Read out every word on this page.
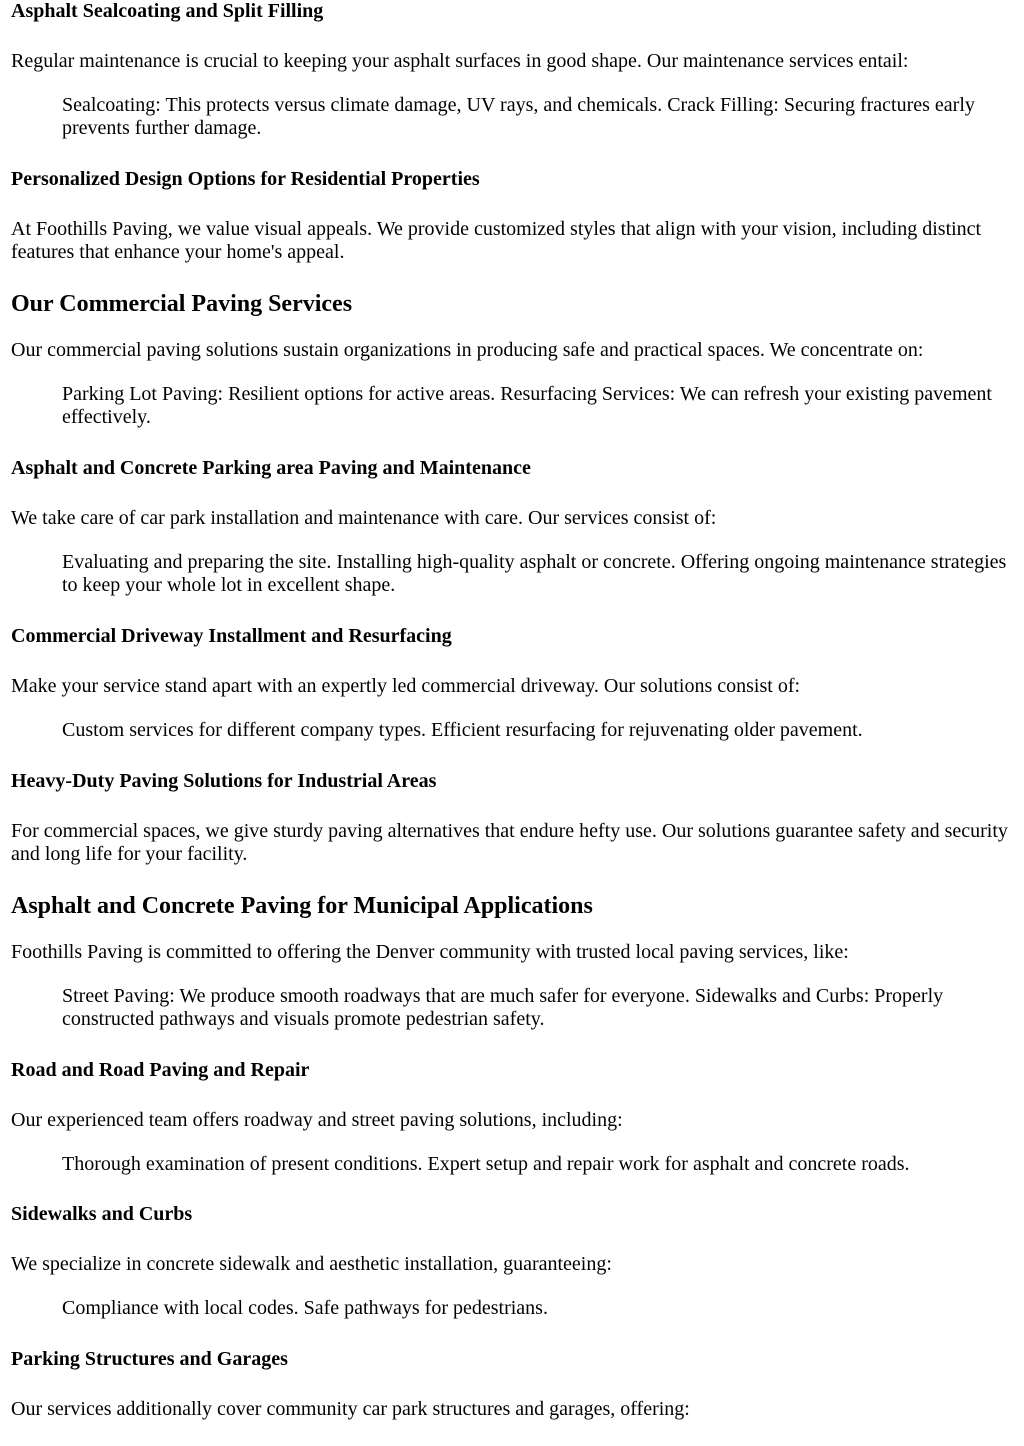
Asphalt Sealcoating and Split Filling

Regular maintenance is crucial to keeping your asphalt surfaces in good shape. Our maintenance services entail:

Sealcoating: This protects versus climate damage, UV rays, and chemicals. Crack Filling: Securing fractures early prevents further damage.
Personalized Design Options for Residential Properties

At Foothills Paving, we value visual appeals. We provide customized styles that align with your vision, including distinct features that enhance your home's appeal.

Our Commercial Paving Services

Our commercial paving solutions sustain organizations in producing safe and practical spaces. We concentrate on:

Parking Lot Paving: Resilient options for active areas. Resurfacing Services: We can refresh your existing pavement effectively.
Asphalt and Concrete Parking area Paving and Maintenance

We take care of car park installation and maintenance with care. Our services consist of:

Evaluating and preparing the site. Installing high-quality asphalt or concrete. Offering ongoing maintenance strategies to keep your whole lot in excellent shape.
Commercial Driveway Installment and Resurfacing

Make your service stand apart with an expertly led commercial driveway. Our solutions consist of:

Custom services for different company types. Efficient resurfacing for rejuvenating older pavement.
Heavy-Duty Paving Solutions for Industrial Areas

For commercial spaces, we give sturdy paving alternatives that endure hefty use. Our solutions guarantee safety and security and long life for your facility.

Asphalt and Concrete Paving for Municipal Applications

Foothills Paving is committed to offering the Denver community with trusted local paving services, like:

Street Paving: We produce smooth roadways that are much safer for everyone. Sidewalks and Curbs: Properly constructed pathways and visuals promote pedestrian safety.
Road and Road Paving and Repair

Our experienced team offers roadway and street paving solutions, including:

Thorough examination of present conditions. Expert setup and repair work for asphalt and concrete roads.
Sidewalks and Curbs

We specialize in concrete sidewalk and aesthetic installation, guaranteeing:

Compliance with local codes. Safe pathways for pedestrians.
Parking Structures and Garages

Our services additionally cover community car park structures and garages, offering:
